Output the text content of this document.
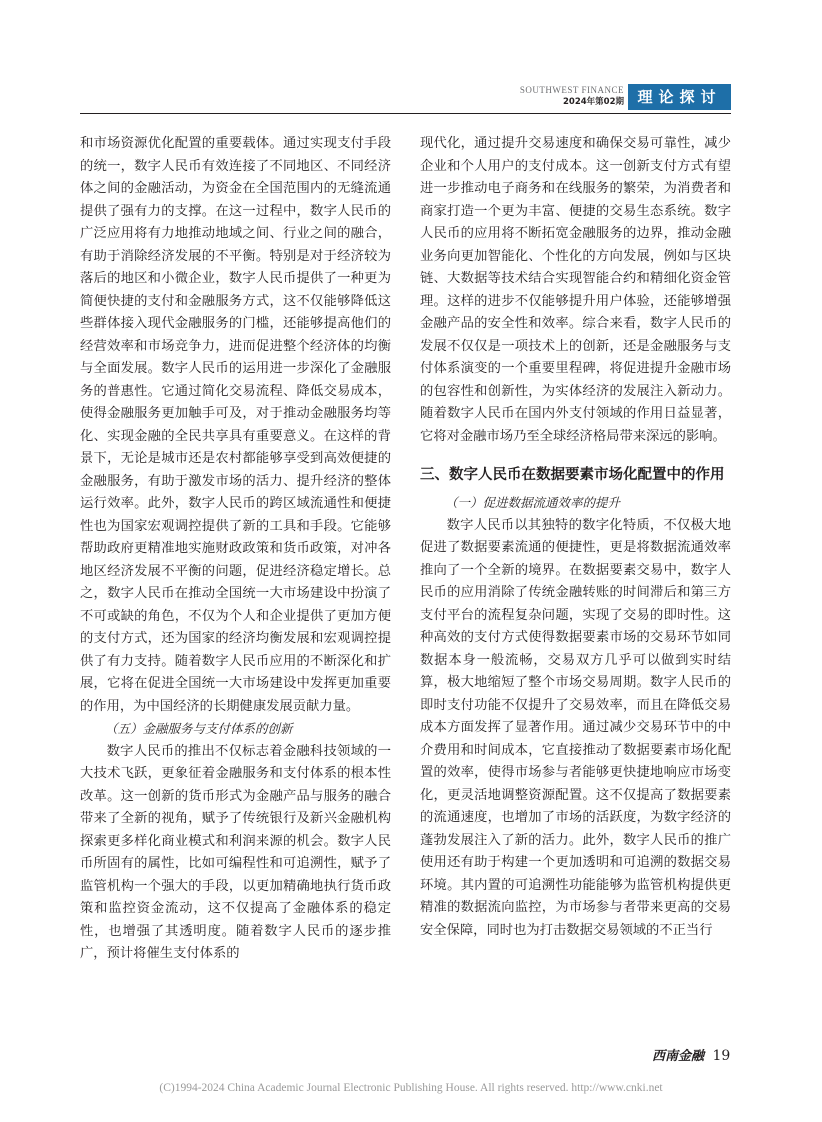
SOUTHWEST FINANCE
2024年第02期 理论探讨

和市场资源优化配置的重要载体。通过实现支付手段的统一，数字人民币有效连接了不同地区、不同经济体之间的金融活动，为资金在全国范围内的无缝流通提供了强有力的支撑。在这一过程中，数字人民币的广泛应用将有力地推动地域之间、行业之间的融合，有助于消除经济发展的不平衡。特别是对于经济较为落后的地区和小微企业，数字人民币提供了一种更为简便快捷的支付和金融服务方式，这不仅能够降低这些群体接入现代金融服务的门槛，还能够提高他们的经营效率和市场竞争力，进而促进整个经济体的均衡与全面发展。数字人民币的运用进一步深化了金融服务的普惠性。它通过简化交易流程、降低交易成本，使得金融服务更加触手可及，对于推动金融服务均等化、实现金融的全民共享具有重要意义。在这样的背景下，无论是城市还是农村都能够享受到高效便捷的金融服务，有助于激发市场的活力、提升经济的整体运行效率。此外，数字人民币的跨区域流通性和便捷性也为国家宏观调控提供了新的工具和手段。它能够帮助政府更精准地实施财政政策和货币政策，对冲各地区经济发展不平衡的问题，促进经济稳定增长。总之，数字人民币在推动全国统一大市场建设中扮演了不可或缺的角色，不仅为个人和企业提供了更加方便的支付方式，还为国家的经济均衡发展和宏观调控提供了有力支持。随着数字人民币应用的不断深化和扩展，它将在促进全国统一大市场建设中发挥更加重要的作用，为中国经济的长期健康发展贡献力量。

（五）金融服务与支付体系的创新

数字人民币的推出不仅标志着金融科技领域的一大技术飞跃，更象征着金融服务和支付体系的根本性改革。这一创新的货币形式为金融产品与服务的融合带来了全新的视角，赋予了传统银行及新兴金融机构探索更多样化商业模式和利润来源的机会。数字人民币所固有的属性，比如可编程性和可追溯性，赋予了监管机构一个强大的手段，以更加精确地执行货币政策和监控资金流动，这不仅提高了金融体系的稳定性，也增强了其透明度。随着数字人民币的逐步推广，预计将催生支付体系的

现代化，通过提升交易速度和确保交易可靠性，减少企业和个人用户的支付成本。这一创新支付方式有望进一步推动电子商务和在线服务的繁荣，为消费者和商家打造一个更为丰富、便捷的交易生态系统。数字人民币的应用将不断拓宽金融服务的边界，推动金融业务向更加智能化、个性化的方向发展，例如与区块链、大数据等技术结合实现智能合约和精细化资金管理。这样的进步不仅能够提升用户体验，还能够增强金融产品的安全性和效率。综合来看，数字人民币的发展不仅仅是一项技术上的创新，还是金融服务与支付体系演变的一个重要里程碑，将促进提升金融市场的包容性和创新性，为实体经济的发展注入新动力。随着数字人民币在国内外支付领域的作用日益显著，它将对金融市场乃至全球经济格局带来深远的影响。

三、数字人民币在数据要素市场化配置中的作用

（一）促进数据流通效率的提升

数字人民币以其独特的数字化特质，不仅极大地促进了数据要素流通的便捷性，更是将数据流通效率推向了一个全新的境界。在数据要素交易中，数字人民币的应用消除了传统金融转账的时间滞后和第三方支付平台的流程复杂问题，实现了交易的即时性。这种高效的支付方式使得数据要素市场的交易环节如同数据本身一般流畅，交易双方几乎可以做到实时结算，极大地缩短了整个市场交易周期。数字人民币的即时支付功能不仅提升了交易效率，而且在降低交易成本方面发挥了显著作用。通过减少交易环节中的中介费用和时间成本，它直接推动了数据要素市场化配置的效率，使得市场参与者能够更快捷地响应市场变化，更灵活地调整资源配置。这不仅提高了数据要素的流通速度，也增加了市场的活跃度，为数字经济的蓬勃发展注入了新的活力。此外，数字人民币的推广使用还有助于构建一个更加透明和可追溯的数据交易环境。其内置的可追溯性功能能够为监管机构提供更精准的数据流向监控，为市场参与者带来更高的交易安全保障，同时也为打击数据交易领域的不正当行

西南金融 19
(C)1994-2024 China Academic Journal Electronic Publishing House. All rights reserved. http://www.cnki.net
